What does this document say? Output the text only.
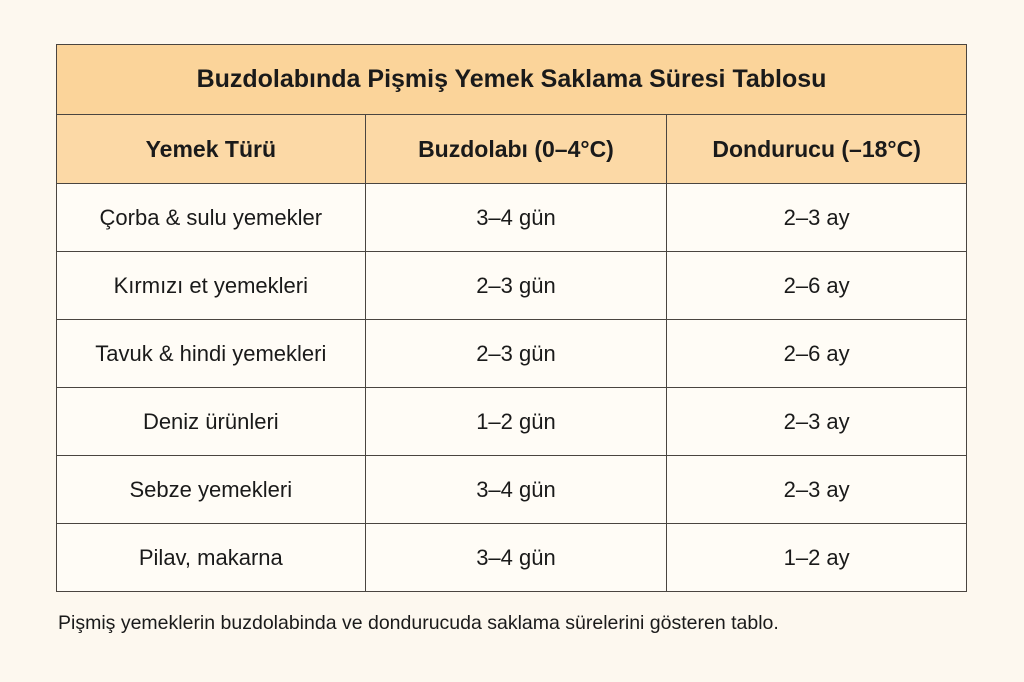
Buzdolabında Pişmiş Yemek Saklama Süresi Tablosu		
Yemek Türü	Buzdolabı (0–4°C)	Dondurucu (–18°C)
Çorba & sulu yemekler	3–4 gün	2–3 ay
Kırmızı et yemekleri	2–3 gün	2–6 ay
Tavuk & hindi yemekleri	2–3 gün	2–6 ay
Deniz ürünleri	1–2 gün	2–3 ay
Sebze yemekleri	3–4 gün	2–3 ay
Pilav, makarna	3–4 gün	1–2 ay
Pişmiş yemeklerin buzdolabinda ve dondurucuda saklama sürelerini gösteren tablo.
